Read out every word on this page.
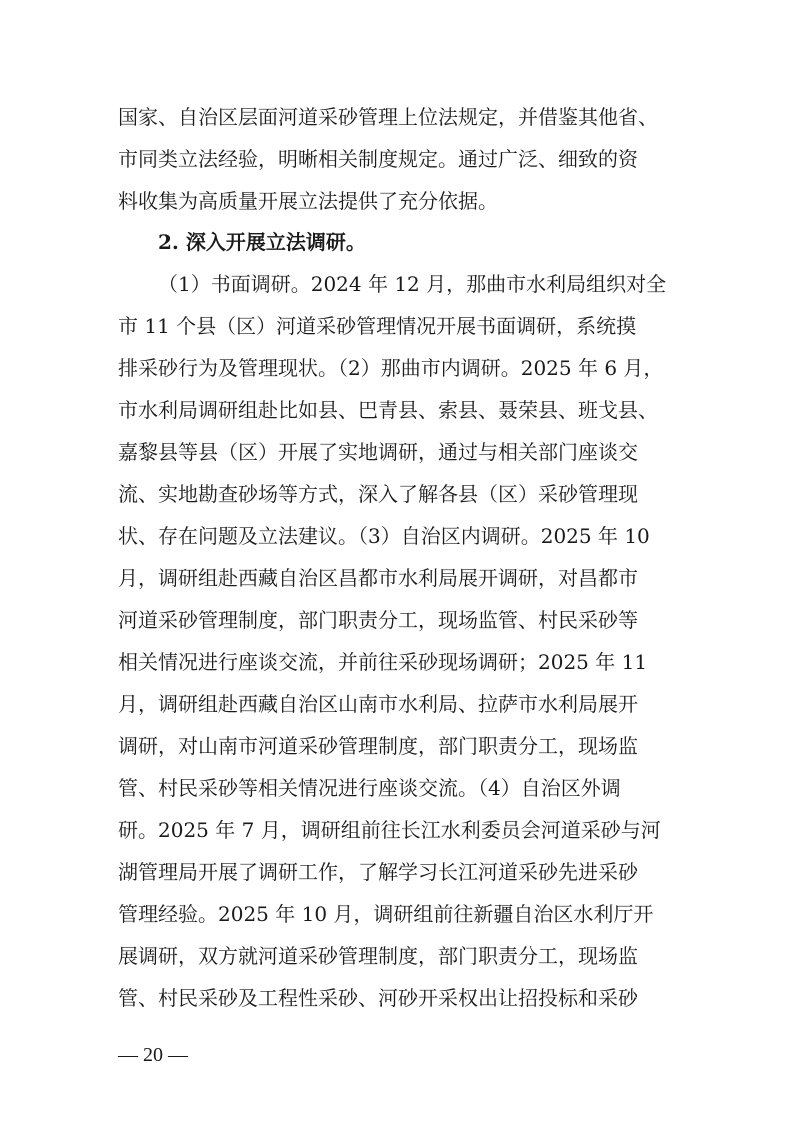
国家、自治区层面河道采砂管理上位法规定，并借鉴其他省、
市同类立法经验，明晰相关制度规定。通过广泛、细致的资
料收集为高质量开展立法提供了充分依据。
2. 深入开展立法调研。
（1）书面调研。2024 年 12 月，那曲市水利局组织对全
市 11 个县（区）河道采砂管理情况开展书面调研，系统摸
排采砂行为及管理现状。（2）那曲市内调研。2025 年 6 月，
市水利局调研组赴比如县、巴青县、索县、聂荣县、班戈县、
嘉黎县等县（区）开展了实地调研，通过与相关部门座谈交
流、实地勘查砂场等方式，深入了解各县（区）采砂管理现
状、存在问题及立法建议。（3）自治区内调研。2025 年 10
月，调研组赴西藏自治区昌都市水利局展开调研，对昌都市
河道采砂管理制度，部门职责分工，现场监管、村民采砂等
相关情况进行座谈交流，并前往采砂现场调研；2025 年 11
月，调研组赴西藏自治区山南市水利局、拉萨市水利局展开
调研，对山南市河道采砂管理制度，部门职责分工，现场监
管、村民采砂等相关情况进行座谈交流。（4）自治区外调
研。2025 年 7 月，调研组前往长江水利委员会河道采砂与河
湖管理局开展了调研工作，了解学习长江河道采砂先进采砂
管理经验。2025 年 10 月，调研组前往新疆自治区水利厅开
展调研，双方就河道采砂管理制度，部门职责分工，现场监
管、村民采砂及工程性采砂、河砂开采权出让招投标和采砂
— 20 —
